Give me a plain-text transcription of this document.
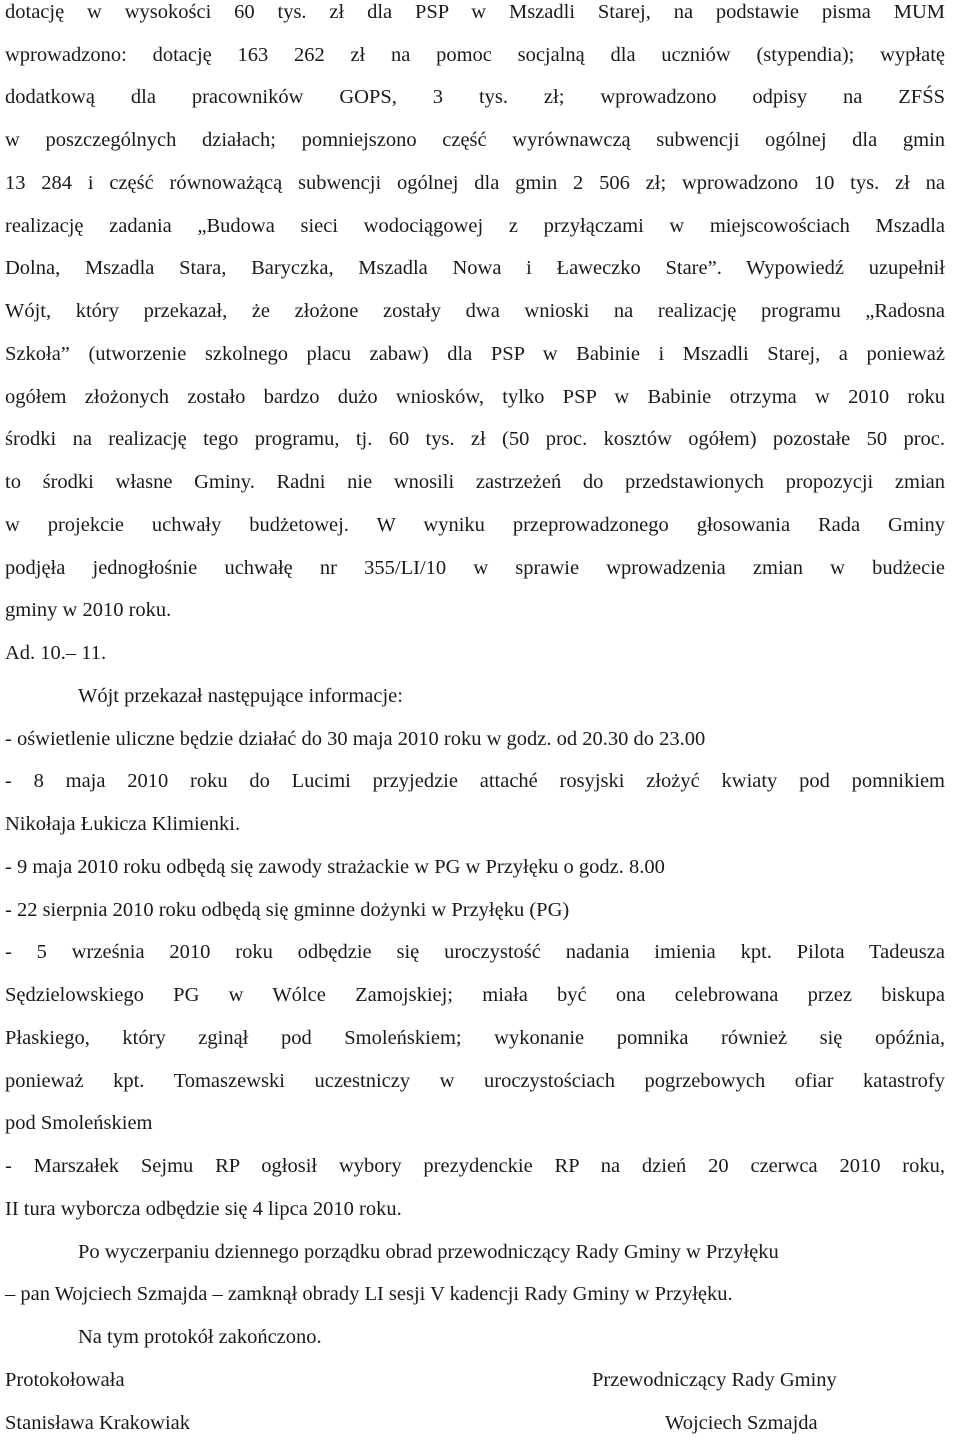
dotację w wysokości 60 tys. zł dla PSP w Mszadli Starej, na podstawie pisma MUM
wprowadzono: dotację 163 262 zł na pomoc socjalną dla uczniów (stypendia); wypłatę
dodatkową dla pracowników GOPS, 3 tys. zł; wprowadzono odpisy na ZFŚS
w poszczególnych działach; pomniejszono część wyrównawczą subwencji ogólnej dla gmin
13 284 i część równoważącą subwencji ogólnej dla gmin 2 506 zł; wprowadzono 10 tys. zł na
realizację zadania „Budowa sieci wodociągowej z przyłączami w miejscowościach Mszadla
Dolna, Mszadla Stara, Baryczka, Mszadla Nowa i Ławeczko Stare”. Wypowiedź uzupełnił
Wójt, który przekazał, że złożone zostały dwa wnioski na realizację programu „Radosna
Szkoła” (utworzenie szkolnego placu zabaw) dla PSP w Babinie i Mszadli Starej, a ponieważ
ogółem złożonych zostało bardzo dużo wniosków, tylko PSP w Babinie otrzyma w 2010 roku
środki na realizację tego programu, tj. 60 tys. zł (50 proc. kosztów ogółem) pozostałe 50 proc.
to środki własne Gminy. Radni nie wnosili zastrzeżeń do przedstawionych propozycji zmian
w projekcie uchwały budżetowej. W wyniku przeprowadzonego głosowania Rada Gminy
podjęła jednogłośnie uchwałę nr 355/LI/10 w sprawie wprowadzenia zmian w budżecie
gminy w 2010 roku.
Ad. 10.– 11.
Wójt przekazał następujące informacje:
- oświetlenie uliczne będzie działać do 30 maja 2010 roku w godz. od 20.30 do 23.00
- 8 maja 2010 roku do Lucimi przyjedzie attaché rosyjski złożyć kwiaty pod pomnikiem
Nikołaja Łukicza Klimienki.
- 9 maja 2010 roku odbędą się zawody strażackie w PG w Przyłęku o godz. 8.00
- 22 sierpnia 2010 roku odbędą się gminne dożynki w Przyłęku (PG)
- 5 września 2010 roku odbędzie się uroczystość nadania imienia kpt. Pilota Tadeusza
Sędzielowskiego PG w Wólce Zamojskiej; miała być ona celebrowana przez biskupa
Płaskiego, który zginął pod Smoleńskiem; wykonanie pomnika również się opóźnia,
ponieważ kpt. Tomaszewski uczestniczy w uroczystościach pogrzebowych ofiar katastrofy
pod Smoleńskiem
- Marszałek Sejmu RP ogłosił wybory prezydenckie RP na dzień 20 czerwca 2010 roku,
II tura wyborcza odbędzie się 4 lipca 2010 roku.
Po wyczerpaniu dziennego porządku obrad przewodniczący Rady Gminy w Przyłęku
– pan Wojciech Szmajda – zamknął obrady LI sesji V kadencji Rady Gminy w Przyłęku.
Na tym protokół zakończono.
Protokołowała
Stanisława Krakowiak
Przewodniczący Rady Gminy
Wojciech Szmajda
